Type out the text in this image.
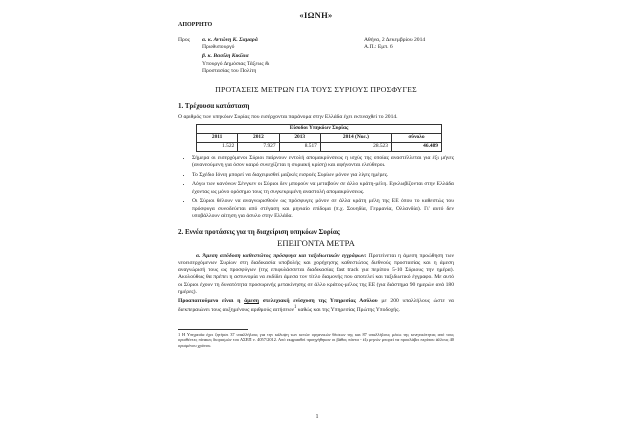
«ΙΩΝΗ»
ΑΠΟΡΡΗΤΟ
Προς	α. κ. Αντώνη Κ. Σαμαρά
Πρωθυπουργό
β. κ. Βασίλη Κικίλια
Υπουργό Δημόσιας Τάξεως &
Προστασίας του Πολίτη
Αθήνα, 2 Δεκεμβρίου 2014
Α.Π.: Εμπ. 6
ΠΡΟΤΑΣΕΙΣ ΜΕΤΡΩΝ ΓΙΑ ΤΟΥΣ ΣΥΡΙΟΥΣ ΠΡΟΣΦΥΓΕΣ
1. Τρέχουσα κατάσταση
Ο αριθμός των υπηκόων Συρίας που εισέρχονται παράνομα στην Ελλάδα έχει εκτιναχθεί το 2014.
Είσοδοι Υπηκόων Συρίας				
2011	2012	2013	2014 (Νοε.)	σύνολο
1.522	7.927	8.517	28.523	46.489
• Σήμερα οι εισερχόμενοι Σύριοι παίρνουν εντολή απομακρύνσεως η ισχύς της οποίας αναστέλλεται για έξι μήνες (ανανεούμενη για όσον καιρό συνεχίζεται η συριακή κρίση) και αφήνονται ελεύθεροι.
• Το Σχέδιο Ιόνιη μπορεί να διαχειρισθεί μαζικές εισροές Συρίων μόνον για λίγες ημέρες.
• Λόγω των κανόνων Σένγκεν οι Σύριοι δεν μπορούν να μεταβούν σε άλλο κράτη-μέλη. Εγκλωβίζονται στην Ελλάδα έχοντας ως μόνο ορόσημο τους τη συγκεκριμένη αναστολή απομακρύνσεως.
• Οι Σύριοι θέλουν να αναγνωρισθούν ως πρόσφυγες μόνον σε άλλα κράτη μέλη της ΕΕ όπου το καθεστώς του πρόσφυγα συνοδεύεται από στέγαση και μηνιαίο επίδομα (π.χ. Σουηδία, Γερμανία, Ολλανδία). Γι' αυτό δεν υποβάλλουν αίτηση για άσυλο στην Ελλάδα.
2. Εννέα προτάσεις για τη διαχείριση υπηκόων Συρίας
ΕΠΕΙΓΟΝΤΑ ΜΕΤΡΑ
α. Άμεση απόδοση καθεστώτος πρόσφυγα και ταξιδιωτικών εγγράφων: Προτείνεται η άμεση προώθηση των νεοεισερχόμενων Συρίων στη διαδικασία υποβολής και χορήγησης καθεστώτος διεθνούς προστασίας και η άμεση αναγνώρισή τους ως προσφύγων (της επιφυλάσσεται διαδικασίας fast track για περίπου 5-10 Σύριους την ημέρα). Ακολούθως θα πρέπει η αστυνομία να εκδίδει άμεσα τον τίτλο διαμονής που αποτελεί και ταξιδιωτικό έγγραφο. Με αυτό οι Σύριοι έχουν τη δυνατότητα προσωρινής μετακίνησης σε άλλο κράτος-μέλος της ΕΕ (για διάστημα 90 ημερών ανά 180 ημέρες).
Προαπαιτούμενο είναι η άμεση στελεχιακή ενίσχυση της Υπηρεσίας Ασύλου με 200 υπαλλήλους ώστε να διεκπεραιώνει τους αυξημένους αριθμούς αιτήσεων$^1$ καθώς και της Υπηρεσίας Πρώτης Υποδοχής.
1 Η Υπηρεσία έχει ζητήσει 37 υπαλλήλους για την κάλυψη των κενών οργανικών θέσεων της και 87 υπαλλήλους μέσω της κινητικότητας από τους ορισθέντες πίνακες διορισμών του ΑΣΕΠ ν. 4057/2012. Από εκφρασθεί προηγήθηκαν οι βάθος πάντα - έξι μηνών μπορεί να προσλάβει περίπου άλλους 40 ορισμένου χρόνου.
1
